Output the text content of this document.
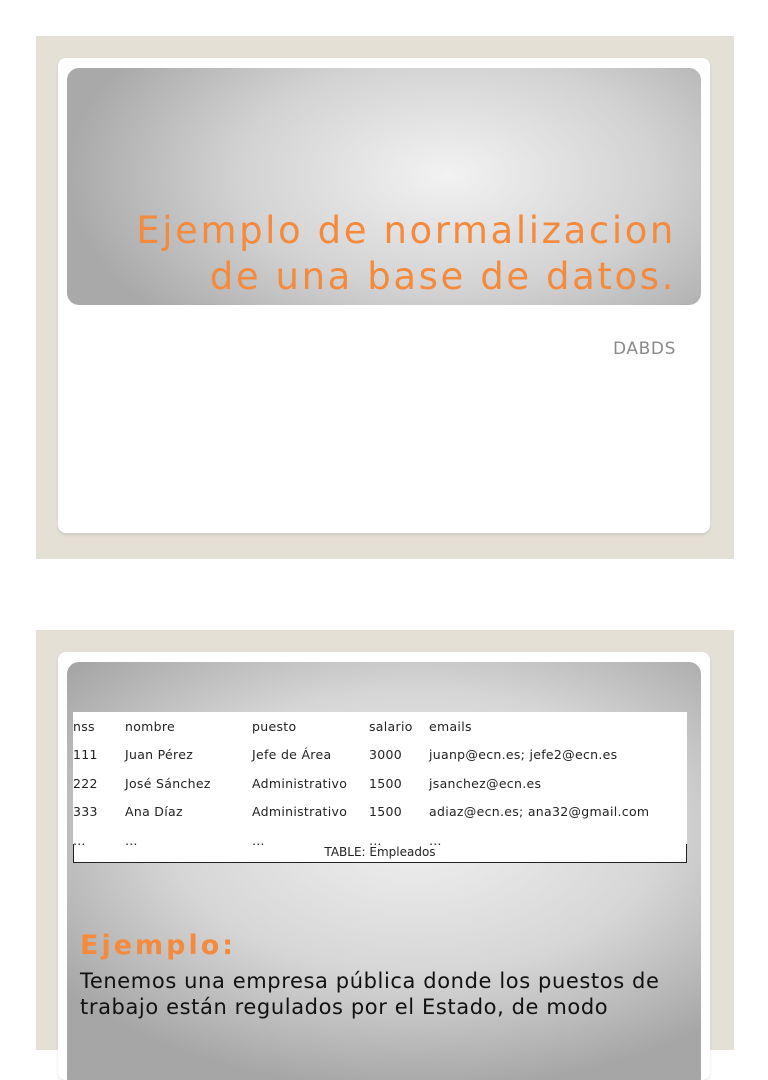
Ejemplo de normalizacion
de una base de datos.
DABDS
nss	nombre	puesto	salario	emails
111	Juan Pérez	Jefe de Área	3000	juanp@ecn.es; jefe2@ecn.es
222	José Sánchez	Administrativo	1500	jsanchez@ecn.es
333	Ana Díaz	Administrativo	1500	adiaz@ecn.es; ana32@gmail.com
…	…	…	…	…
TABLE: Empleados
Ejemplo:

Tenemos una empresa pública donde los puestos de trabajo están regulados por el Estado, de modo
